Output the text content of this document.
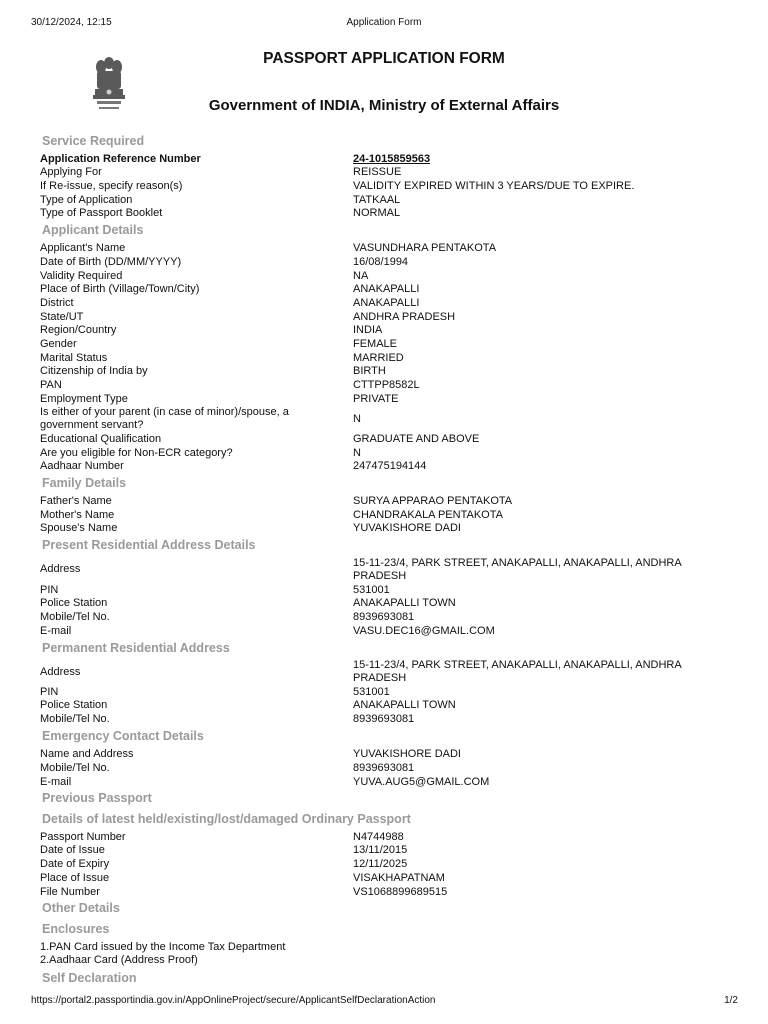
30/12/2024, 12:15	Application Form
PASSPORT APPLICATION FORM
Government of INDIA, Ministry of External Affairs
Service Required
Application Reference Number	24-1015859563
Applying For	REISSUE
If Re-issue, specify reason(s)	VALIDITY EXPIRED WITHIN 3 YEARS/DUE TO EXPIRE.
Type of Application	TATKAAL
Type of Passport Booklet	NORMAL
Applicant Details
Applicant's Name	VASUNDHARA PENTAKOTA
Date of Birth (DD/MM/YYYY)	16/08/1994
Validity Required	NA
Place of Birth (Village/Town/City)	ANAKAPALLI
District	ANAKAPALLI
State/UT	ANDHRA PRADESH
Region/Country	INDIA
Gender	FEMALE
Marital Status	MARRIED
Citizenship of India by	BIRTH
PAN	CTTPP8582L
Employment Type	PRIVATE
Is either of your parent (in case of minor)/spouse, a government servant?	N
Educational Qualification	GRADUATE AND ABOVE
Are you eligible for Non-ECR category?	N
Aadhaar Number	247475194144
Family Details
Father's Name	SURYA APPARAO PENTAKOTA
Mother's Name	CHANDRAKALA PENTAKOTA
Spouse's Name	YUVAKISHORE DADI
Present Residential Address Details
Address	15-11-23/4, PARK STREET, ANAKAPALLI, ANAKAPALLI, ANDHRA PRADESH
PIN	531001
Police Station	ANAKAPALLI TOWN
Mobile/Tel No.	8939693081
E-mail	VASU.DEC16@GMAIL.COM
Permanent Residential Address
Address
15-11-23/4, PARK STREET, ANAKAPALLI, ANAKAPALLI, ANDHRA PRADESH
PIN	531001
Police Station	ANAKAPALLI TOWN
Mobile/Tel No.	8939693081
Emergency Contact Details
Name and Address	YUVAKISHORE DADI
Mobile/Tel No.	8939693081
E-mail	YUVA.AUG5@GMAIL.COM
Previous Passport
Details of latest held/existing/lost/damaged Ordinary Passport
Passport Number	N4744988
Date of Issue	13/11/2015
Date of Expiry	12/11/2025
Place of Issue	VISAKHAPATNAM
File Number	VS1068899689515
Other Details
Enclosures
1.PAN Card issued by the Income Tax Department
2.Aadhaar Card (Address Proof)
Self Declaration
https://portal2.passportindia.gov.in/AppOnlineProject/secure/ApplicantSelfDeclarationAction	1/2
